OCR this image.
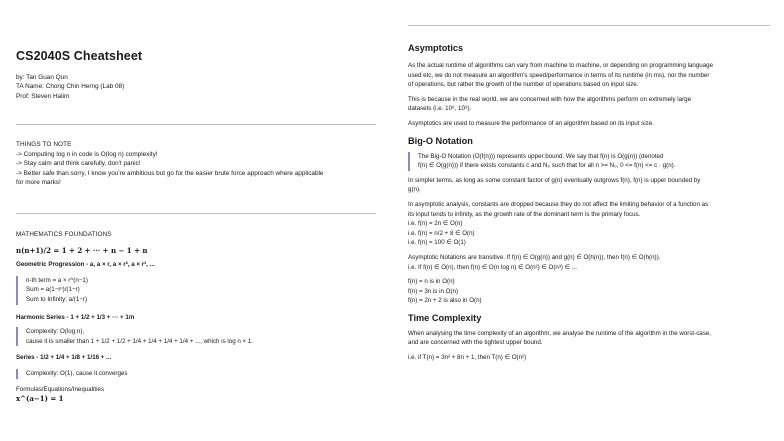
CS2040S Cheatsheet
by: Tan Guan Qun
TA Name: Chong Chin Herng (Lab 08)
Prof: Steven Halim
THINGS TO NOTE
-> Computing log n in code is O(log n) complexity!
-> Stay calm and think carefully, don't panic!
-> Better safe than sorry, I know you're ambitious but go for the easier brute force approach where applicable
for more marks!
MATHEMATICS FOUNDATIONS
n(n+1)/2 = 1 + 2 + ··· + n − 1 + n
Geometric Progression - a, a × r, a × r², a × r³, ...
n-th term = a × r^(n−1)
Sum = a(1−rⁿ)/(1−r)
Sum to Infinity: a/(1−r)
Harmonic Series - 1 + 1/2 + 1/3 + ··· + 1/n
Complexity: O(log n),
cause it is smaller than 1 + 1/2 + 1/2 + 1/4 + 1/4 + 1/4 + 1/4 + ..., which is log n × 1.
Series - 1/2 + 1/4 + 1/8 + 1/16 + ...
Complexity: O(1), cause it converges
Formulas/Equations/Inequalities
x^(a−1) = 1
Asymptotics
As the actual runtime of algorithms can vary from machine to machine, or depending on programming language
used etc, we do not measure an algorithm's speed/performance in terms of its runtime (in ms), nor the number
of operations, but rather the growth of the number of operations based on input size.
This is because in the real world, we are concerned with how the algorithms perform on extremely large
datasets (i.e. 10⁶, 10⁹).
Asymptotics are used to measure the performance of an algorithm based on its input size.
Big-O Notation
The Big-O Notation (O(f(n))) represents upper bound. We say that f(n) is O(g(n)) (denoted
f(n) ∈ O(g(n))) if there exists constants c and N₀ such that for all n >= N₀, 0 <= f(n) <= c · g(n).
In simpler terms, as long as some constant factor of g(n) eventually outgrows f(n), f(n) is upper bounded by
g(n).
In asymptotic analysis, constants are dropped because they do not affect the limiting behavior of a function as
its input tends to infinity, as the growth rate of the dominant term is the primary focus.
i.e. f(n) = 2n ∈ O(n)
i.e. f(n) = n/2 + 8 ∈ O(n)
i.e. f(n) = 100 ∈ O(1)
Asymptotic Notations are transitive. If f(n) ∈ O(g(n)) and g(n) ∈ O(h(n)), then f(n) ∈ O(h(n)).
i.e. If f(n) ∈ O(n), then f(n) ∈ O(n log n) ∈ O(n²) ∈ O(n³) ∈ ...
f(n) = n is in O(n)
f(n) = 3n is in O(n)
f(n) = 2n + 2 is also in O(n)
Time Complexity
When analysing the time complexity of an algorithm, we analyse the runtime of the algorithm in the worst-case,
and are concerned with the tightest upper bound.
i.e. if T(n) = 3n² + 8n + 1, then T(n) ∈ O(n²)
